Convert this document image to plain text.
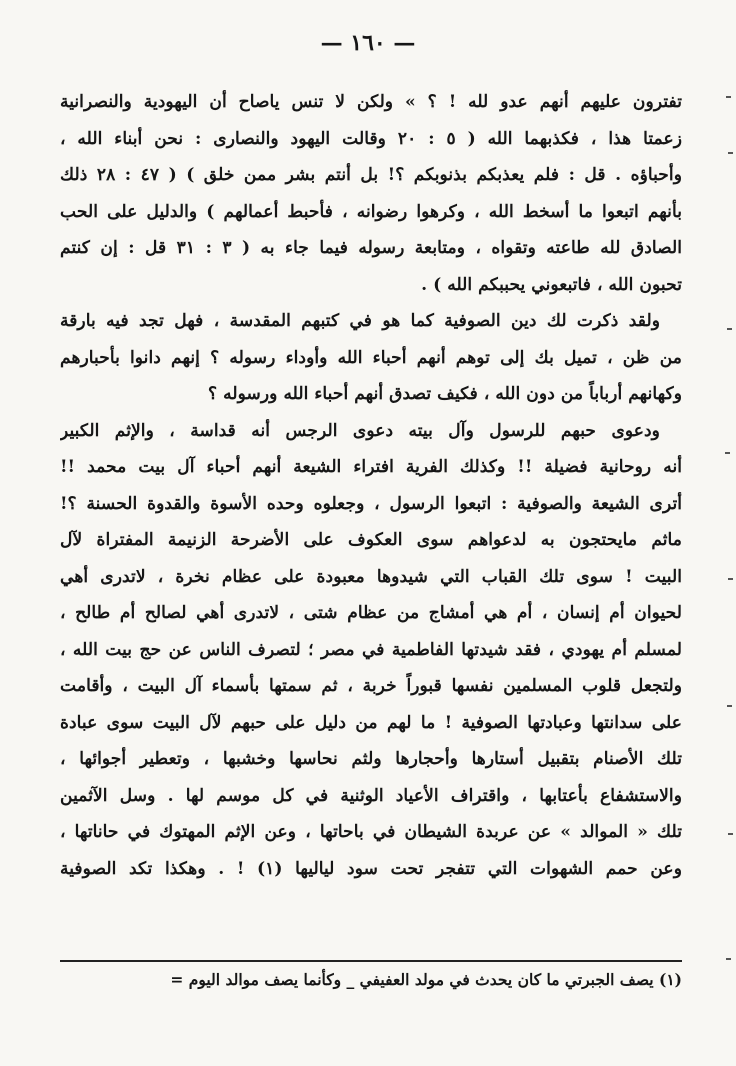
— ١٦٠ —
تفترون عليهم أنهم عدو لله ! ؟ » ولكن لا تنس ياصاح أن اليهودية والنصرانية
زعمتا هذا ، فكذبهما الله ( ٥ : ٢٠ وقالت اليهود والنصارى : نحن أبناء الله ،
وأحباؤه . قل : فلم يعذبكم بذنوبكم ؟! بل أنتم بشر ممن خلق ) ( ٤٧ : ٢٨ ذلك
بأنهم اتبعوا ما أسخط الله ، وكرهوا رضوانه ، فأحبط أعمالهم ) والدليل على الحب
الصادق لله طاعته وتقواه ، ومتابعة رسوله فيما جاء به ( ٣ : ٣١ قل : إن كنتم
تحبون الله ، فاتبعوني يحببكم الله ) .
ولقد ذكرت لك دين الصوفية كما هو في كتبهم المقدسة ، فهل تجد فيه بارقة
من ظن ، تميل بك إلى توهم أنهم أحباء الله وأوداء رسوله ؟ إنهم دانوا بأحبارهم
وكهانهم أرباباً من دون الله ، فكيف تصدق أنهم أحباء الله ورسوله ؟
ودعوى حبهم للرسول وآل بيته دعوى الرجس أنه قداسة ، والإثم الكبير
أنه روحانية فضيلة !! وكذلك الفرية افتراء الشيعة أنهم أحباء آل بيت محمد !!
أترى الشيعة والصوفية : اتبعوا الرسول ، وجعلوه وحده الأسوة والقدوة الحسنة ؟!
ماثم مايحتجون به لدعواهم سوى العكوف على الأضرحة الزنيمة المفتراة لآل
البيت ! سوى تلك القباب التي شيدوها معبودة على عظام نخرة ، لاتدرى أهي
لحيوان أم إنسان ، أم هي أمشاج من عظام شتى ، لاتدرى أهي لصالح أم طالح ،
لمسلم أم يهودي ، فقد شيدتها الفاطمية في مصر ؛ لتصرف الناس عن حج بيت الله ،
ولتجعل قلوب المسلمين نفسها قبوراً خربة ، ثم سمتها بأسماء آل البيت ، وأقامت
على سدانتها وعبادتها الصوفية ! ما لهم من دليل على حبهم لآل البيت سوى عبادة
تلك الأصنام بتقبيل أستارها وأحجارها ولثم نحاسها وخشبها ، وتعطير أجوائها ،
والاستشفاع بأعتابها ، واقتراف الأعياد الوثنية في كل موسم لها . وسل الآثمين
تلك « الموالد » عن عربدة الشيطان في باحاتها ، وعن الإثم المهتوك في حاناتها ،
وعن حمم الشهوات التي تتفجر تحت سود لياليها (١) ! . وهكذا تكد الصوفية
(١) يصف الجبرتي ما كان يحدث في مولد العفيفي _ وكأنما يصف موالد اليوم =
